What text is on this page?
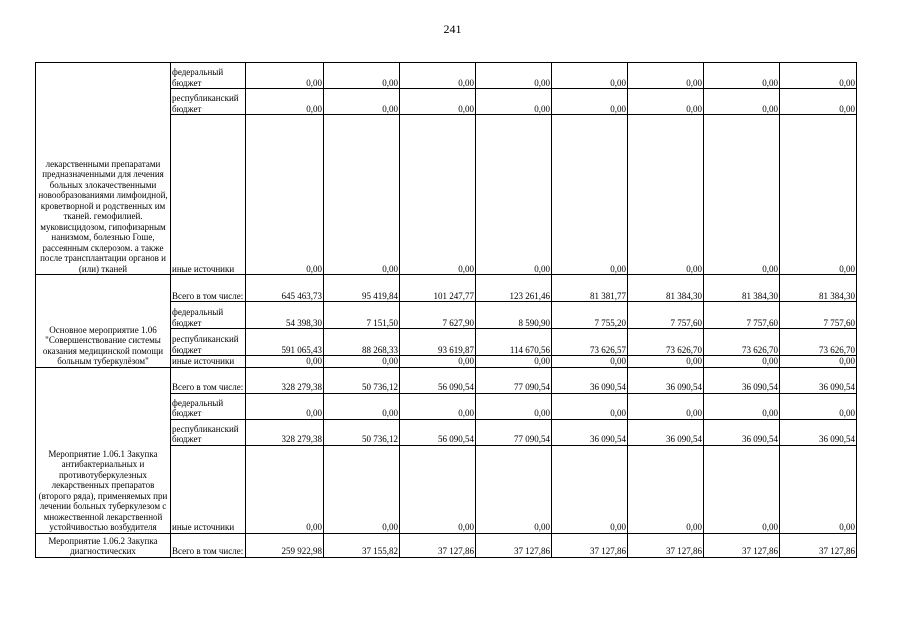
241
лекарственными препаратами предназначенными для лечения больных злокачественными новообразованиями лимфоидной, кроветворной и родственных им тканей. гемофилией. муковисцидозом, гипофизарным нанизмом, болезнью Гоше, рассеянным склерозом. а также после трансплантации органов и (или) тканей	федеральный бюджет	0,00	0,00	0,00	0,00	0,00	0,00	0,00	0,00
	республиканский бюджет	0,00	0,00	0,00	0,00	0,00	0,00	0,00	0,00
	иные источники	0,00	0,00	0,00	0,00	0,00	0,00	0,00	0,00
Основное мероприятие 1.06 "Совершенствование системы оказания медицинской помощи больным туберкулёзом"	Всего в том числе:	645 463,73	95 419,84	101 247,77	123 261,46	81 381,77	81 384,30	81 384,30	81 384,30
	федеральный бюджет	54 398,30	7 151,50	7 627,90	8 590,90	7 755,20	7 757,60	7 757,60	7 757,60
	республиканский бюджет	591 065,43	88 268,33	93 619,87	114 670,56	73 626,57	73 626,70	73 626,70	73 626,70
	иные источники	0,00	0,00	0,00	0,00	0,00	0,00	0,00	0,00
Мероприятие 1.06.1 Закупка антибактериальных и противотуберкулезных лекарственных препаратов (второго ряда), применяемых при лечении больных туберкулезом с множественной лекарственной устойчивостью возбудителя	Всего в том числе:	328 279,38	50 736,12	56 090,54	77 090,54	36 090,54	36 090,54	36 090,54	36 090,54
	федеральный бюджет	0,00	0,00	0,00	0,00	0,00	0,00	0,00	0,00
	республиканский бюджет	328 279,38	50 736,12	56 090,54	77 090,54	36 090,54	36 090,54	36 090,54	36 090,54
	иные источники	0,00	0,00	0,00	0,00	0,00	0,00	0,00	0,00
Мероприятие 1.06.2 Закупка диагностических	Всего в том числе:	259 922,98	37 155,82	37 127,86	37 127,86	37 127,86	37 127,86	37 127,86	37 127,86
